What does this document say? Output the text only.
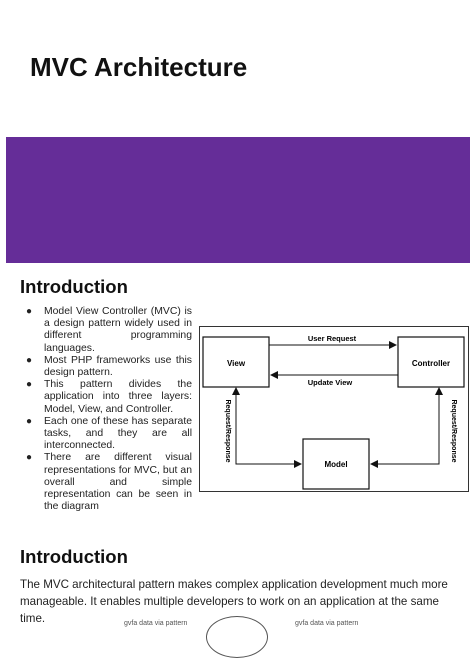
MVC Architecture
Introduction
● Model View Controller (MVC) is a design pattern widely used in different programming languages.
● Most PHP frameworks use this design pattern.
● This pattern divides the application into three layers: Model, View, and Controller.
● Each one of these has separate tasks, and they are all interconnected.
● There are different visual representations for MVC, but an overall and simple representation can be seen in the diagram
View	Controller
Model
User Request
Update View
Request/Response	Request/Response
Introduction

The MVC architectural pattern makes complex application development much more manageable. It enables multiple developers to work on an application at the same time.	gvfa data via pattern	gvfa data via pattern
